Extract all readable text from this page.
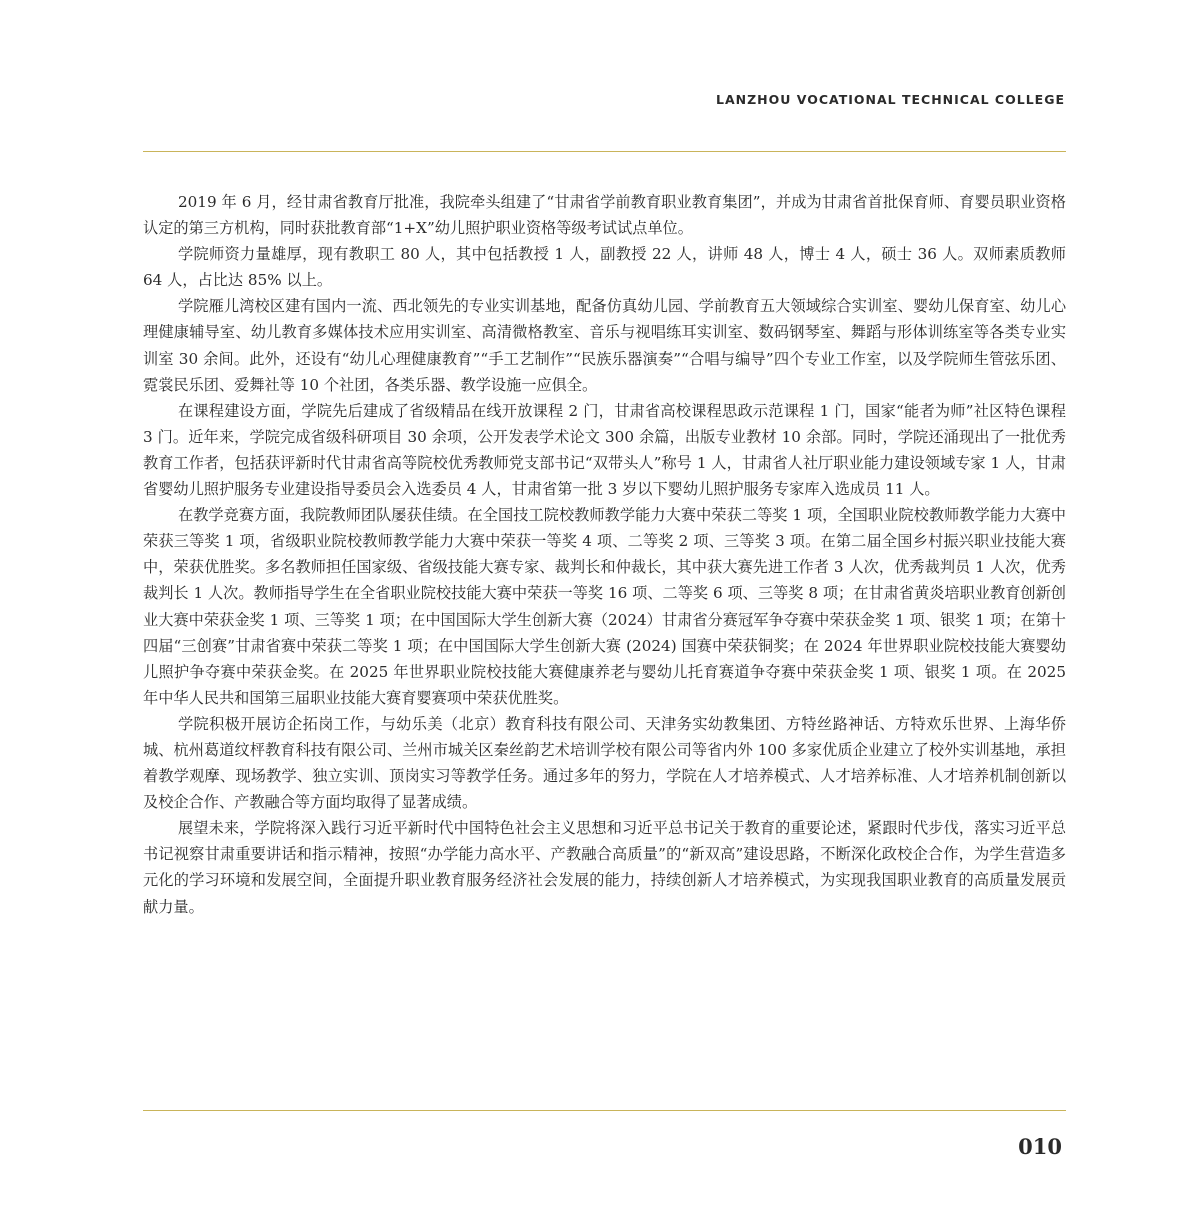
LANZHOU VOCATIONAL TECHNICAL COLLEGE

2019 年 6 月，经甘肃省教育厅批准，我院牵头组建了“甘肃省学前教育职业教育集团”，并成为甘肃省首批保育师、育婴员职业资格认定的第三方机构，同时获批教育部“1+X”幼儿照护职业资格等级考试试点单位。

学院师资力量雄厚，现有教职工 80 人，其中包括教授 1 人，副教授 22 人，讲师 48 人，博士 4 人，硕士 36 人。双师素质教师 64 人，占比达 85% 以上。

学院雁儿湾校区建有国内一流、西北领先的专业实训基地，配备仿真幼儿园、学前教育五大领域综合实训室、婴幼儿保育室、幼儿心理健康辅导室、幼儿教育多媒体技术应用实训室、高清微格教室、音乐与视唱练耳实训室、数码钢琴室、舞蹈与形体训练室等各类专业实训室 30 余间。此外，还设有“幼儿心理健康教育”“手工艺制作”“民族乐器演奏”“合唱与编导”四个专业工作室，以及学院师生管弦乐团、霓裳民乐团、爱舞社等 10 个社团，各类乐器、教学设施一应俱全。

在课程建设方面，学院先后建成了省级精品在线开放课程 2 门，甘肃省高校课程思政示范课程 1 门，国家“能者为师”社区特色课程 3 门。近年来，学院完成省级科研项目 30 余项，公开发表学术论文 300 余篇，出版专业教材 10 余部。同时，学院还涌现出了一批优秀教育工作者，包括获评新时代甘肃省高等院校优秀教师党支部书记“双带头人”称号 1 人，甘肃省人社厅职业能力建设领域专家 1 人，甘肃省婴幼儿照护服务专业建设指导委员会入选委员 4 人，甘肃省第一批 3 岁以下婴幼儿照护服务专家库入选成员 11 人。

在教学竞赛方面，我院教师团队屡获佳绩。在全国技工院校教师教学能力大赛中荣获二等奖 1 项，全国职业院校教师教学能力大赛中荣获三等奖 1 项，省级职业院校教师教学能力大赛中荣获一等奖 4 项、二等奖 2 项、三等奖 3 项。在第二届全国乡村振兴职业技能大赛中，荣获优胜奖。多名教师担任国家级、省级技能大赛专家、裁判长和仲裁长，其中获大赛先进工作者 3 人次，优秀裁判员 1 人次，优秀裁判长 1 人次。教师指导学生在全省职业院校技能大赛中荣获一等奖 16 项、二等奖 6 项、三等奖 8 项；在甘肃省黄炎培职业教育创新创业大赛中荣获金奖 1 项、三等奖 1 项；在中国国际大学生创新大赛（2024）甘肃省分赛冠军争夺赛中荣获金奖 1 项、银奖 1 项；在第十四届“三创赛”甘肃省赛中荣获二等奖 1 项；在中国国际大学生创新大赛 (2024) 国赛中荣获铜奖；在 2024 年世界职业院校技能大赛婴幼儿照护争夺赛中荣获金奖。在 2025 年世界职业院校技能大赛健康养老与婴幼儿托育赛道争夺赛中荣获金奖 1 项、银奖 1 项。在 2025 年中华人民共和国第三届职业技能大赛育婴赛项中荣获优胜奖。

学院积极开展访企拓岗工作，与幼乐美（北京）教育科技有限公司、天津务实幼教集团、方特丝路神话、方特欢乐世界、上海华侨城、杭州葛道纹枰教育科技有限公司、兰州市城关区秦丝韵艺术培训学校有限公司等省内外 100 多家优质企业建立了校外实训基地，承担着教学观摩、现场教学、独立实训、顶岗实习等教学任务。通过多年的努力，学院在人才培养模式、人才培养标准、人才培养机制创新以及校企合作、产教融合等方面均取得了显著成绩。

展望未来，学院将深入践行习近平新时代中国特色社会主义思想和习近平总书记关于教育的重要论述，紧跟时代步伐，落实习近平总书记视察甘肃重要讲话和指示精神，按照“办学能力高水平、产教融合高质量”的“新双高”建设思路，不断深化政校企合作，为学生营造多元化的学习环境和发展空间，全面提升职业教育服务经济社会发展的能力，持续创新人才培养模式，为实现我国职业教育的高质量发展贡献力量。

010
